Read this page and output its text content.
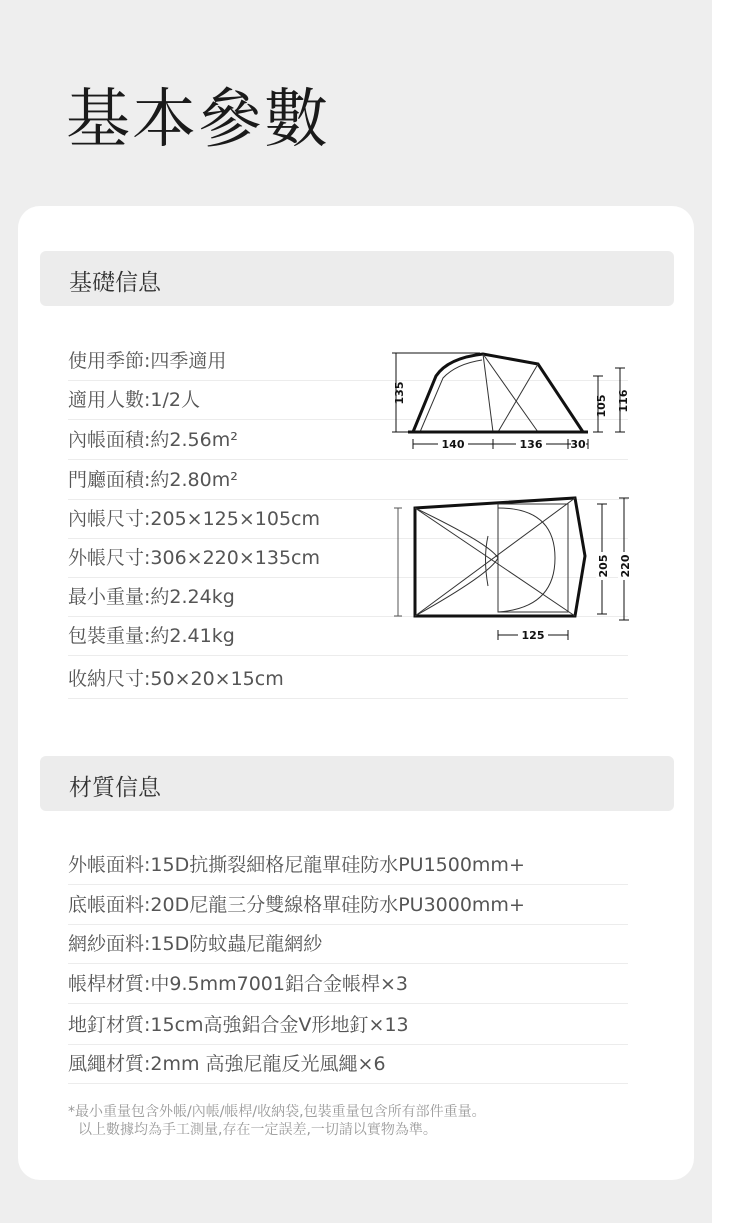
基本參數
基礎信息
使用季節:四季適用
適用人數:1/2人
內帳面積:約2.56m²
門廳面積:約2.80m²
內帳尺寸:205×125×105cm
外帳尺寸:306×220×135cm
最小重量:約2.24kg
包裝重量:約2.41kg
收納尺寸:50×20×15cm
135
105 116
140	136	30
205 220
125
材質信息
外帳面料:15D抗撕裂細格尼龍單硅防水PU1500mm+
底帳面料:20D尼龍三分雙線格單硅防水PU3000mm+
網紗面料:15D防蚊蟲尼龍網紗
帳桿材質:中9.5mm7001鋁合金帳桿×3
地釘材質:15cm高強鋁合金V形地釘×13
風繩材質:2mm 高強尼龍反光風繩×6
*最小重量包含外帳/內帳/帳桿/收納袋,包裝重量包含所有部件重量。
以上數據均為手工測量,存在一定誤差,一切請以實物為準。
